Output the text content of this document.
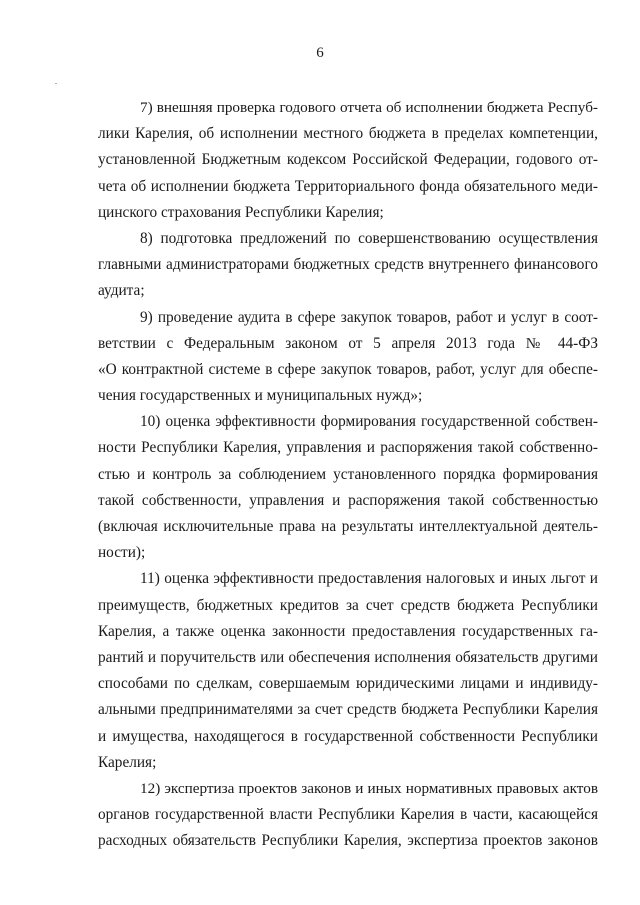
6
7) внешняя проверка годового отчета об исполнении бюджета Респуб-
лики Карелия, об исполнении местного бюджета в пределах компетенции,
установленной Бюджетным кодексом Российской Федерации, годового от-
чета об исполнении бюджета Территориального фонда обязательного меди-
цинского страхования Республики Карелия;
8) подготовка предложений по совершенствованию осуществления
главными администраторами бюджетных средств внутреннего финансового
аудита;
9) проведение аудита в сфере закупок товаров, работ и услуг в соот-
ветствии с Федеральным законом от 5 апреля 2013 года № 44-ФЗ
«О контрактной системе в сфере закупок товаров, работ, услуг для обеспе-
чения государственных и муниципальных нужд»;
10) оценка эффективности формирования государственной собствен-
ности Республики Карелия, управления и распоряжения такой собственно-
стью и контроль за соблюдением установленного порядка формирования
такой собственности, управления и распоряжения такой собственностью
(включая исключительные права на результаты интеллектуальной деятель-
ности);
11) оценка эффективности предоставления налоговых и иных льгот и
преимуществ, бюджетных кредитов за счет средств бюджета Республики
Карелия, а также оценка законности предоставления государственных га-
рантий и поручительств или обеспечения исполнения обязательств другими
способами по сделкам, совершаемым юридическими лицами и индивиду-
альными предпринимателями за счет средств бюджета Республики Карелия
и имущества, находящегося в государственной собственности Республики
Карелия;
12) экспертиза проектов законов и иных нормативных правовых актов
органов государственной власти Республики Карелия в части, касающейся
расходных обязательств Республики Карелия, экспертиза проектов законов
